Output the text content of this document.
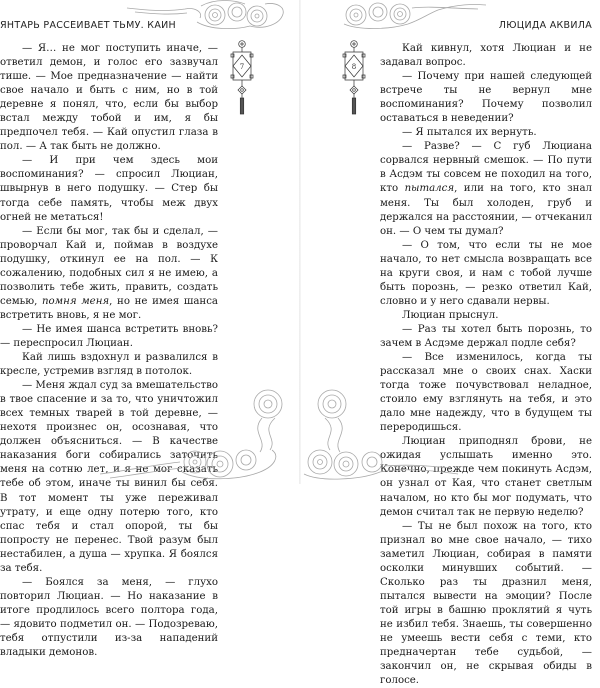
ЯНТАРЬ РАССЕИВАЕТ ТЬМУ. КАИН

— Я… не мог поступить иначе, — ответил демон, и голос его зазвучал тише. — Мое предназначение — найти свое начало и быть с ним, но в той деревне я понял, что, если бы выбор встал между тобой и им, я бы предпочел тебя. — Кай опустил глаза в пол. — А так быть не должно.

— И при чем здесь мои воспоминания? — спросил Люциан, швырнув в него подушку. — Стер бы тогда себе память, чтобы меж двух огней не метаться!

— Если бы мог, так бы и сделал, — проворчал Кай и, поймав в воздухе подушку, откинул ее на пол. — К сожалению, подобных сил я не имею, а позволить тебе жить, править, создать семью, помня меня, но не имея шанса встретить вновь, я не мог.

— Не имея шанса встретить вновь? — переспросил Люциан.

Кай лишь вздохнул и развалился в кресле, устремив взгляд в потолок.

— Меня ждал суд за вмешательство в твое спасение и за то, что уничтожил всех темных тварей в той деревне, — нехотя произнес он, осознавая, что должен объясниться. — В качестве наказания боги собирались заточить меня на сотню лет, и я не мог сказать тебе об этом, иначе ты винил бы себя. В тот момент ты уже переживал утрату, и еще одну потерю того, кто спас тебя и стал опорой, ты бы попросту не перенес. Твой разум был нестабилен, а душа — хрупка. Я боялся за тебя.

— Боялся за меня, — глухо повторил Люциан. — Но наказание в итоге продлилось всего полтора года, — ядовито подметил он. — Подозреваю, тебя отпустили из-за нападений владыки демонов.

7
ЛЮЦИДА АКВИЛА
8

Кай кивнул, хотя Люциан и не задавал вопрос.

— Почему при нашей следующей встрече ты не вернул мне воспоминания? Почему позволил оставаться в неведении?

— Я пытался их вернуть.

— Разве? — С губ Люциана сорвался нервный смешок. — По пути в Асдэм ты совсем не походил на того, кто пытался, или на того, кто знал меня. Ты был холоден, груб и держался на расстоянии, — отчеканил он. — О чем ты думал?

— О том, что если ты не мое начало, то нет смысла возвращать все на круги своя, и нам с тобой лучше быть порознь, — резко ответил Кай, словно и у него сдавали нервы.

Люциан прыснул.

— Раз ты хотел быть порознь, то зачем в Асдэме держал подле себя?

— Все изменилось, когда ты рассказал мне о своих снах. Хаски тогда тоже почувствовал неладное, стоило ему взглянуть на тебя, и это дало мне надежду, что в будущем ты переродишься.

Люциан приподнял брови, не ожидая услышать именно это. Конечно, прежде чем покинуть Асдэм, он узнал от Кая, что станет светлым началом, но кто бы мог подумать, что демон считал так не первую неделю?

— Ты не был похож на того, кто признал во мне свое начало, — тихо заметил Люциан, собирая в памяти осколки минувших событий. — Сколько раз ты дразнил меня, пытался вывести на эмоции? После той игры в башню проклятий я чуть не избил тебя. Знаешь, ты совершенно не умеешь вести себя с теми, кто предначертан тебе судьбой, — закончил он, не скрывая обиды в голосе.
